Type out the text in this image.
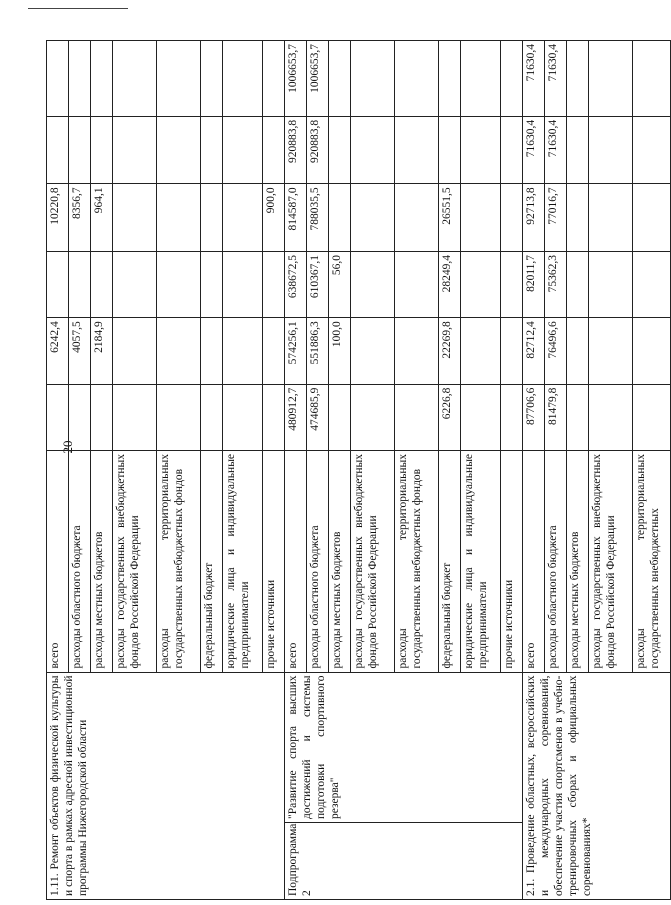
20
1.11. Ремонт объектов физической культуры и спорта в рамках адресной инвестиционной программы Нижегородской области		всего		6242,4		10220,8		
		расходы областного бюджета		4057,5		8356,7		
		расходы местных бюджетов		2184,9		964,1		
		расходы государственных внебюджетных фондов Российской Федерации						
		расходы территориальных государственных внебюджетных фондов						
		федеральный бюджет						
		юридические лица и индивидуальные предприниматели						
		прочие источники				900,0		
Подпрограмма 2	"Развитие спорта высших достижений и системы подготовки спортивного резерва"	всего	480912,7	574256,1	638672,5	814587,0	920883,8	1006653,7
		расходы областного бюджета	474685,9	551886,3	610367,1	788035,5	920883,8	1006653,7
		расходы местных бюджетов		100,0	56,0			
		расходы государственных внебюджетных фондов Российской Федерации						
		расходы территориальных государственных внебюджетных фондов						
		федеральный бюджет	6226,8	22269,8	28249,4	26551,5		
		юридические лица и индивидуальные предприниматели						
		прочие источники						
2.1. Проведение областных, всероссийских и международных соревнований, обеспечение участия спортсменов в учебно-тренировочных сборах и официальных соревнованиях*		всего	87706,6	82712,4	82011,7	92713,8	71630,4	71630,4
		расходы областного бюджета	81479,8	76496,6	75362,3	77016,7	71630,4	71630,4
		расходы местных бюджетов						
		расходы государственных внебюджетных фондов Российской Федерации						
		расходы территориальных государственных внебюджетных						
